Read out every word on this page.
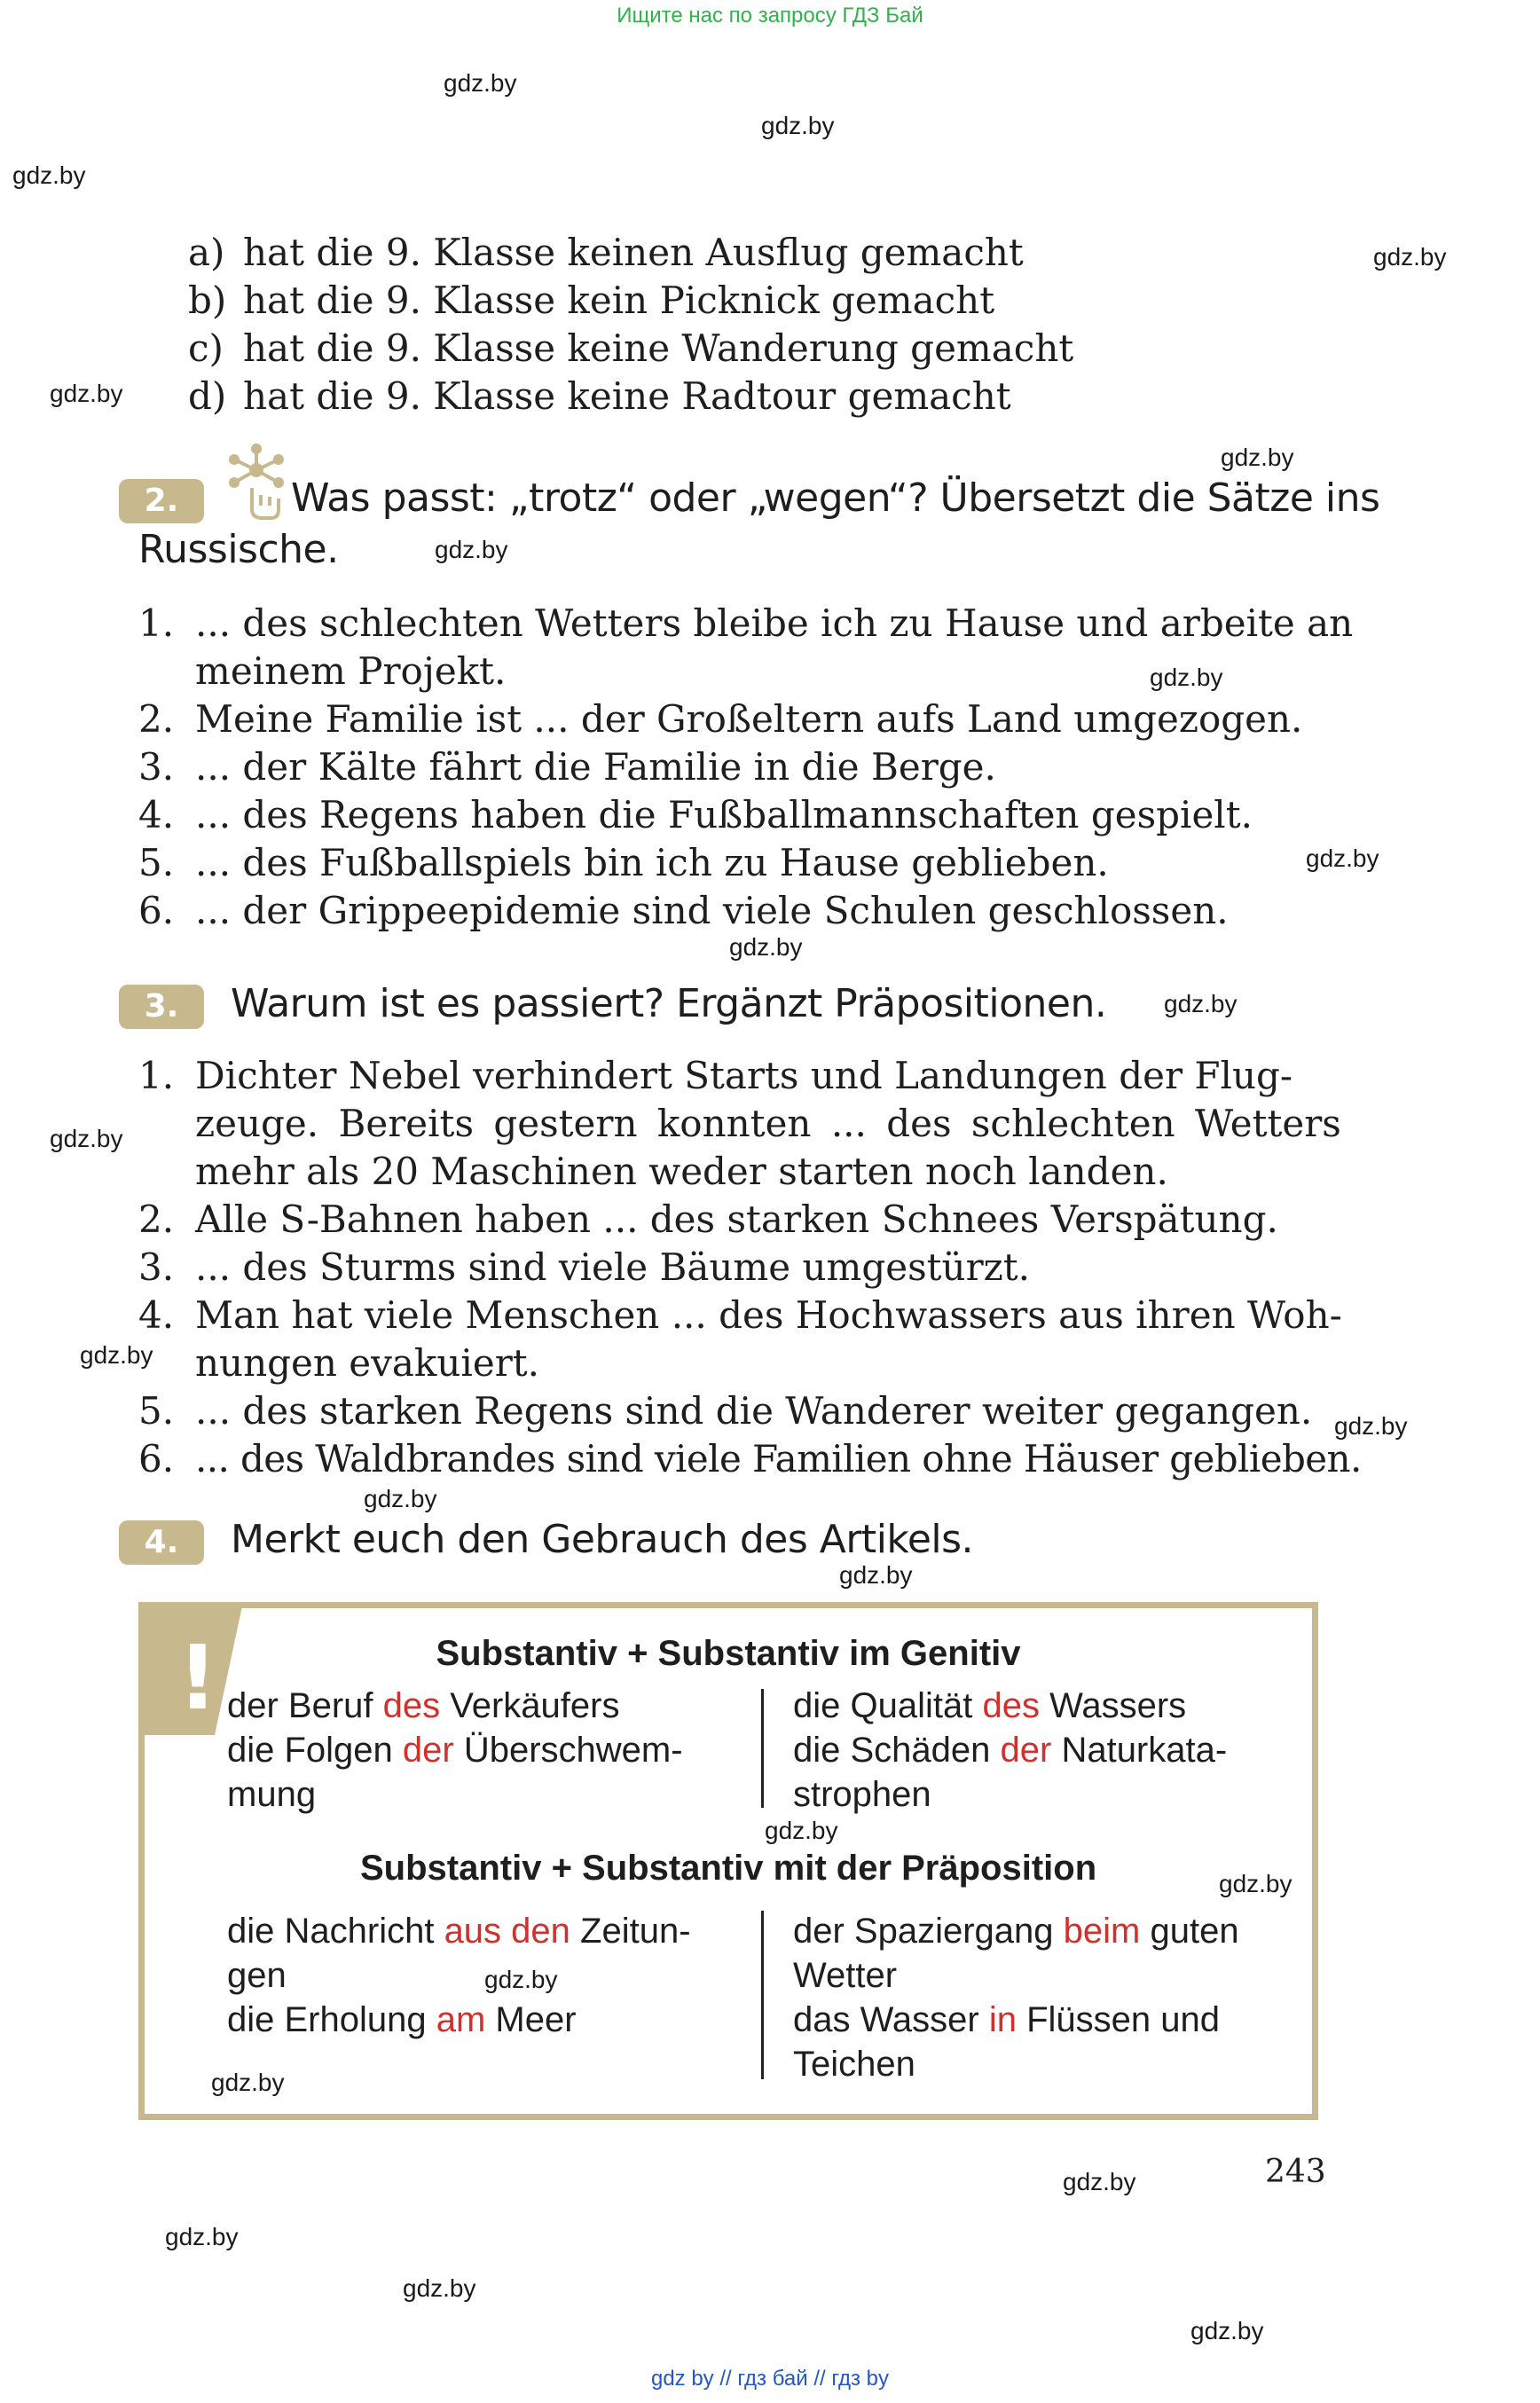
Ищите нас по запросу ГДЗ Бай
gdz by // гдз бай // гдз by
gdz.by
gdz.by
gdz.by
gdz.by
gdz.by
gdz.by
gdz.by
gdz.by
gdz.by
gdz.by
gdz.by
gdz.by
gdz.by
gdz.by
gdz.by
gdz.by
gdz.by
gdz.by
gdz.by
gdz.by
gdz.by
gdz.by
gdz.by
gdz.by
a) hat die 9. Klasse keinen Ausflug gemacht
b) hat die 9. Klasse kein Picknick gemacht
c) hat die 9. Klasse keine Wanderung gemacht
d) hat die 9. Klasse keine Radtour gemacht
2.	Was passt: „trotz“ oder „wegen“? Übersetzt die Sätze ins
Russische.
1. ... des schlechten Wetters bleibe ich zu Hause und arbeite an
meinem Projekt.
2. Meine Familie ist ... der Großeltern aufs Land umgezogen.
3. ... der Kälte fährt die Familie in die Berge.
4. ... des Regens haben die Fußballmannschaften gespielt.
5. ... des Fußballspiels bin ich zu Hause geblieben.
6. ... der Grippeepidemie sind viele Schulen geschlossen.
3.	Warum ist es passiert? Ergänzt Präpositionen.
1. Dichter Nebel verhindert Starts und Landungen der Flug-
zeuge. Bereits gestern konnten ... des schlechten Wetters
mehr als 20 Maschinen weder starten noch landen.
2. Alle S-Bahnen haben ... des starken Schnees Verspätung.
3. ... des Sturms sind viele Bäume umgestürzt.
4. Man hat viele Menschen ... des Hochwassers aus ihren Woh-
nungen evakuiert.
5. ... des starken Regens sind die Wanderer weiter gegangen.
6. ... des Waldbrandes sind viele Familien ohne Häuser geblieben.
4.	Merkt euch den Gebrauch des Artikels.
!	Substantiv + Substantiv im Genitiv
der Beruf des Verkäufers
die Folgen der Überschwem-
mung
die Qualität des Wassers
die Schäden der Naturkata-
strophen
Substantiv + Substantiv mit der Präposition
die Nachricht aus den Zeitun-
gen
die Erholung am Meer
der Spaziergang beim guten
Wetter
das Wasser in Flüssen und
Teichen
243
